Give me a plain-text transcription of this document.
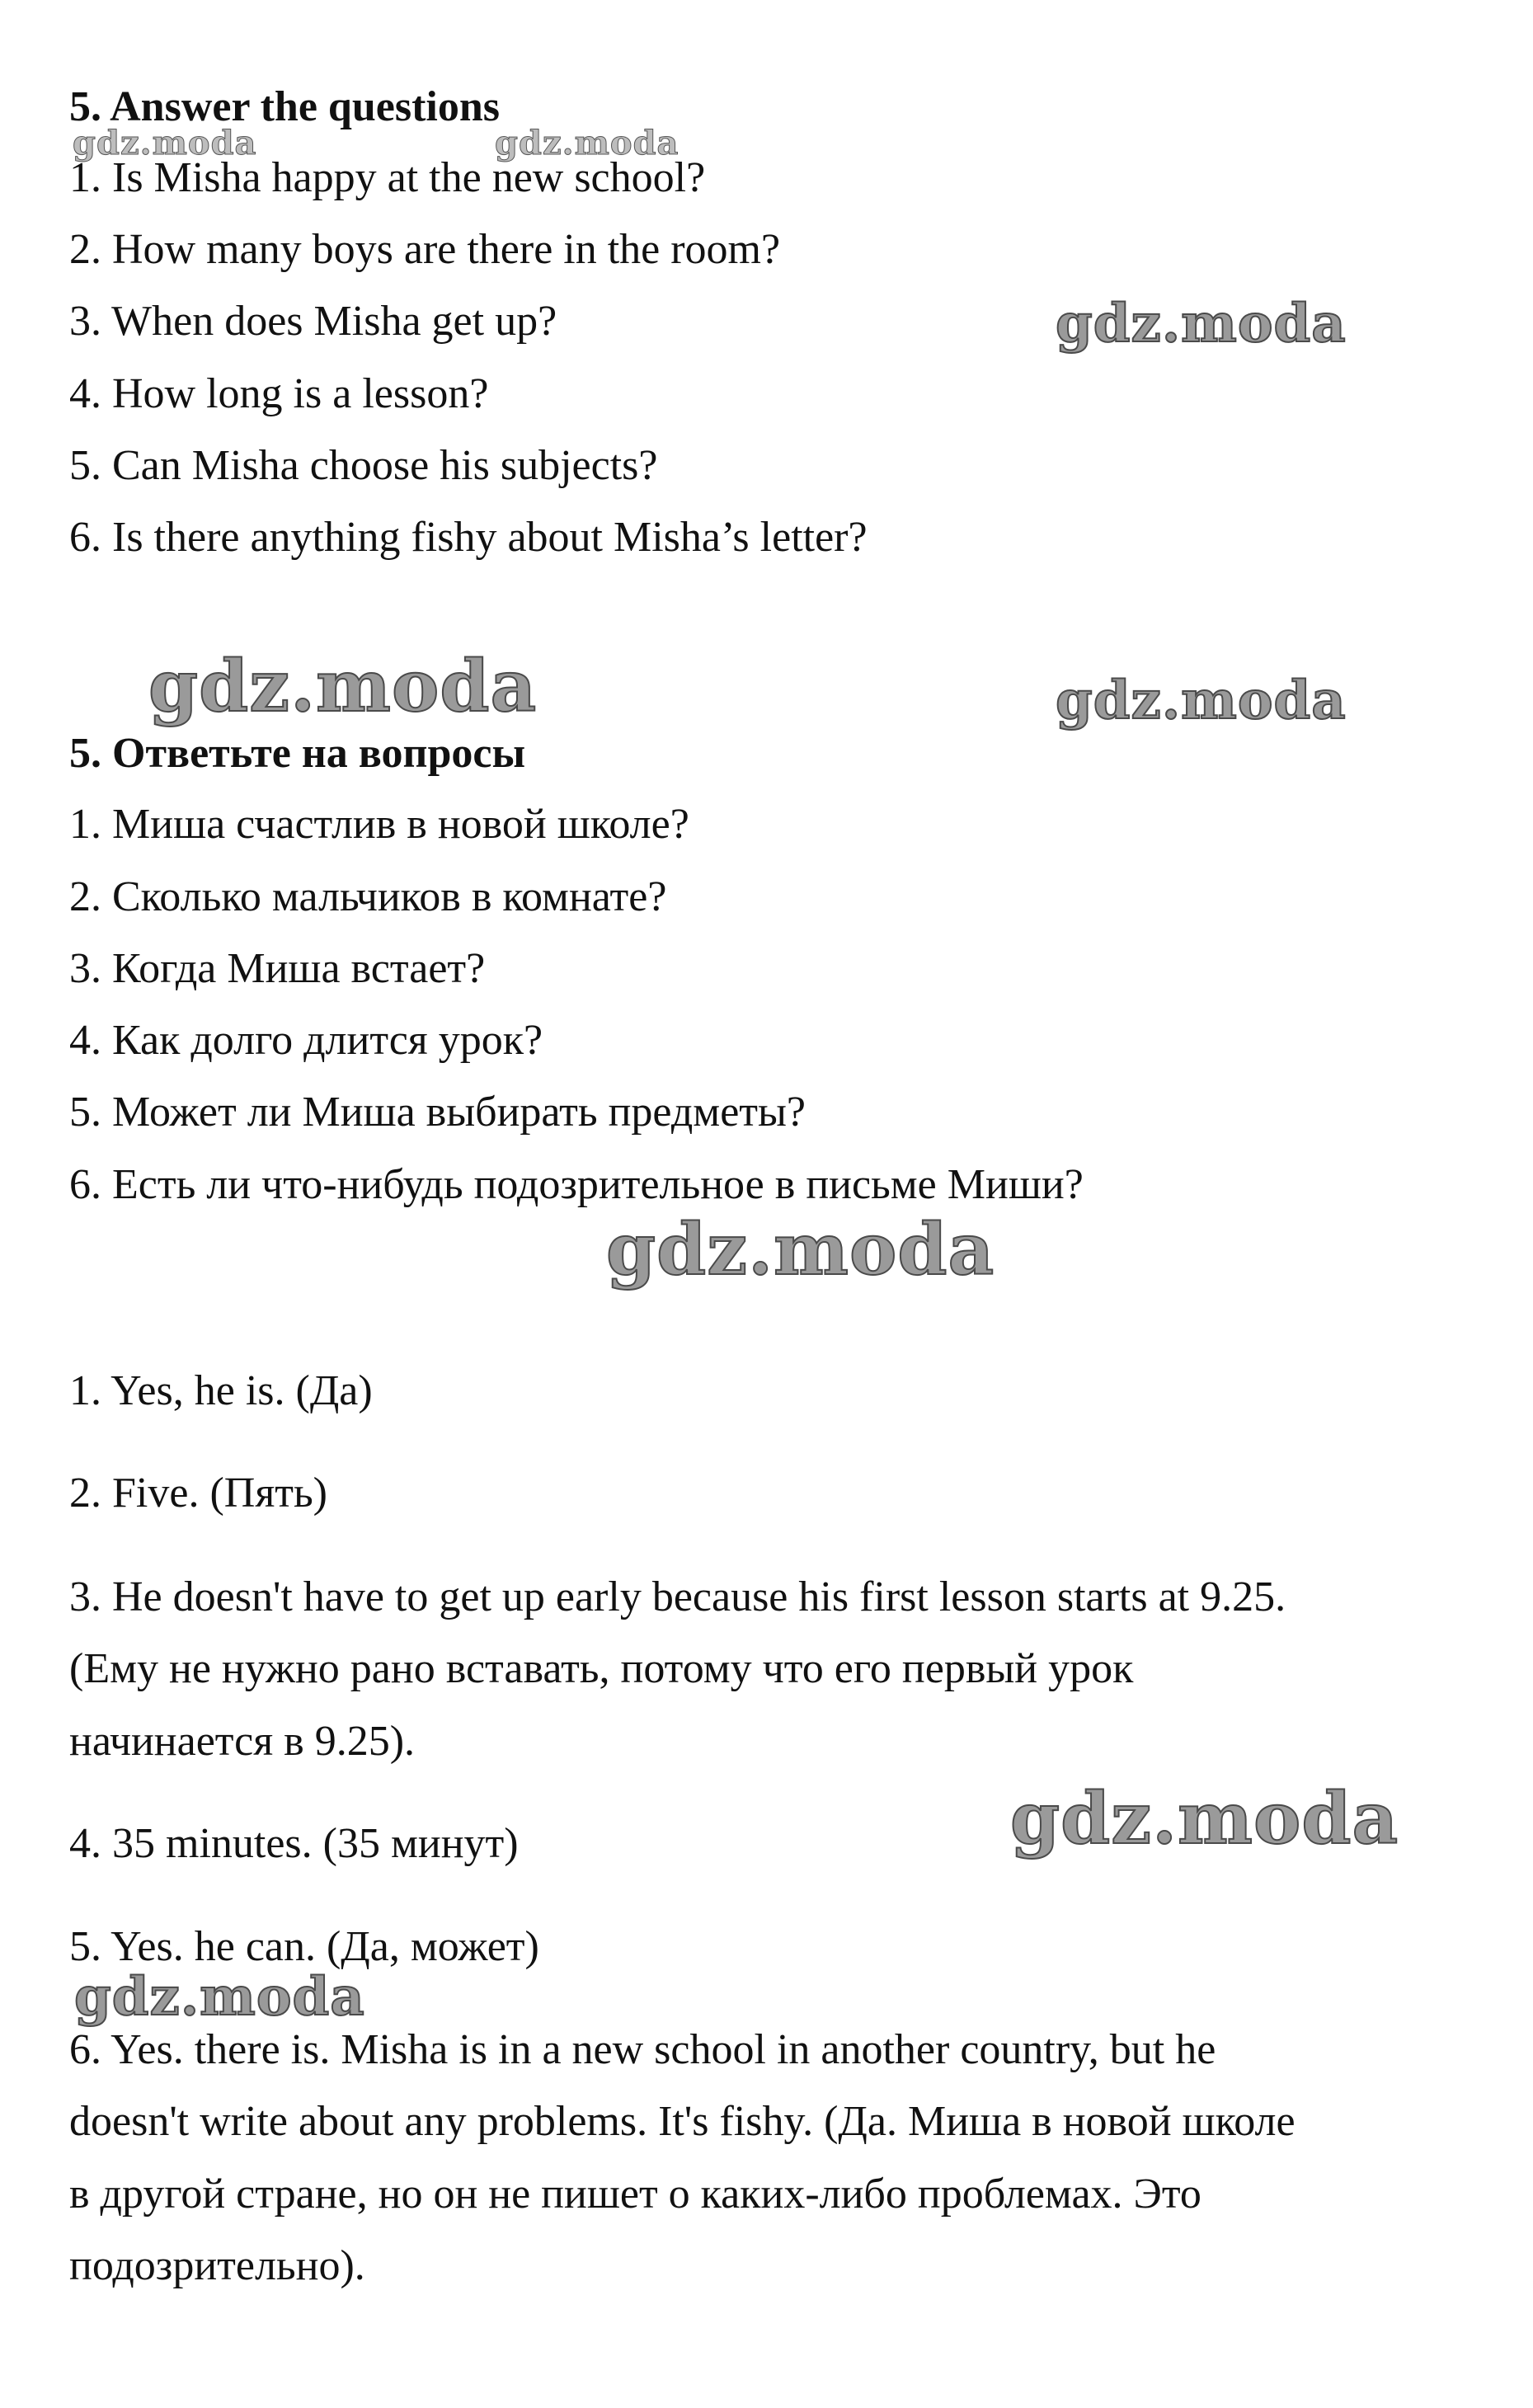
5. Answer the questions
1. Is Misha happy at the new school?
2. How many boys are there in the room?
3. When does Misha get up?
4. How long is a lesson?
5. Can Misha choose his subjects?
6. Is there anything fishy about Misha’s letter?
5. Ответьте на вопросы
1. Миша счастлив в новой школе?
2. Сколько мальчиков в комнате?
3. Когда Миша встает?
4. Как долго длится урок?
5. Может ли Миша выбирать предметы?
6. Есть ли что-нибудь подозрительное в письме Миши?
1. Yes, he is. (Да)
2. Five. (Пять)
3. He doesn't have to get up early because his first lesson starts at 9.25.
(Ему не нужно рано вставать, потому что его первый урок
начинается в 9.25).
4. 35 minutes. (35 минут)
5. Yes. he can. (Да, может)
6. Yes. there is. Misha is in a new school in another country, but he
doesn't write about any problems. It's fishy. (Да. Миша в новой школе
в другой стране, но он не пишет о каких-либо проблемах. Это
подозрительно).
gdz.moda	gdz.moda
gdz.moda
gdz.moda	gdz.moda
gdz.moda
gdz.moda
gdz.moda
